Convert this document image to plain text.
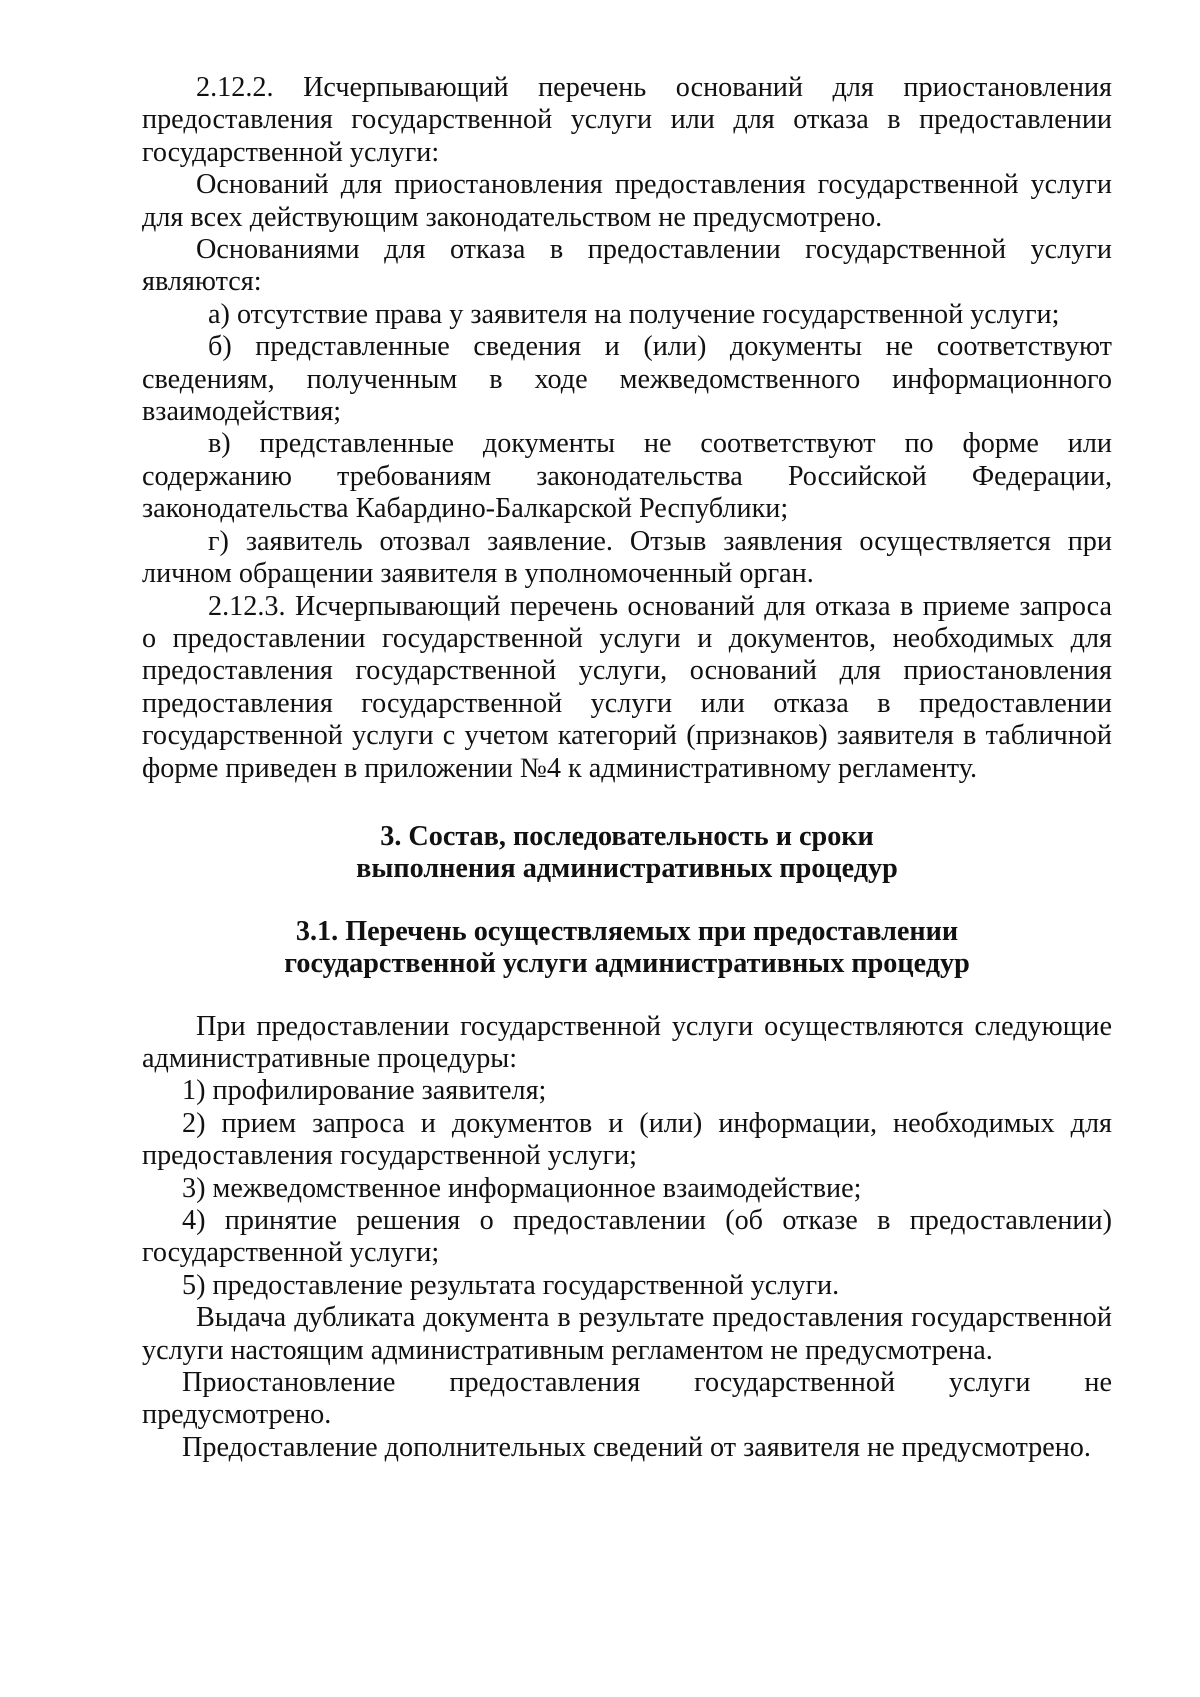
2.12.2. Исчерпывающий перечень оснований для приостановления предоставления государственной услуги или для отказа в предоставлении государственной услуги:

Оснований для приостановления предоставления государственной услуги для всех действующим законодательством не предусмотрено.

Основаниями для отказа в предоставлении государственной услуги являются:

а) отсутствие права у заявителя на получение государственной услуги;

б) представленные сведения и (или) документы не соответствуют сведениям, полученным в ходе межведомственного информационного взаимодействия;

в) представленные документы не соответствуют по форме или содержанию требованиям законодательства Российской Федерации, законодательства Кабардино-Балкарской Республики;

г) заявитель отозвал заявление. Отзыв заявления осуществляется при личном обращении заявителя в уполномоченный орган.

2.12.3. Исчерпывающий перечень оснований для отказа в приеме запроса о предоставлении государственной услуги и документов, необходимых для предоставления государственной услуги, оснований для приостановления предоставления государственной услуги или отказа в предоставлении государственной услуги с учетом категорий (признаков) заявителя в табличной форме приведен в приложении №4 к административному регламенту.

3. Состав, последовательность и сроки

выполнения административных процедур

3.1. Перечень осуществляемых при предоставлении

государственной услуги административных процедур

При предоставлении государственной услуги осуществляются следующие административные процедуры:

1) профилирование заявителя;

2) прием запроса и документов и (или) информации, необходимых для предоставления государственной услуги;

3) межведомственное информационное взаимодействие;

4) принятие решения о предоставлении (об отказе в предоставлении) государственной услуги;

5) предоставление результата государственной услуги.

Выдача дубликата документа в результате предоставления государственной услуги настоящим административным регламентом не предусмотрена.

Приостановление предоставления государственной услуги не предусмотрено.

Предоставление дополнительных сведений от заявителя не предусмотрено.
